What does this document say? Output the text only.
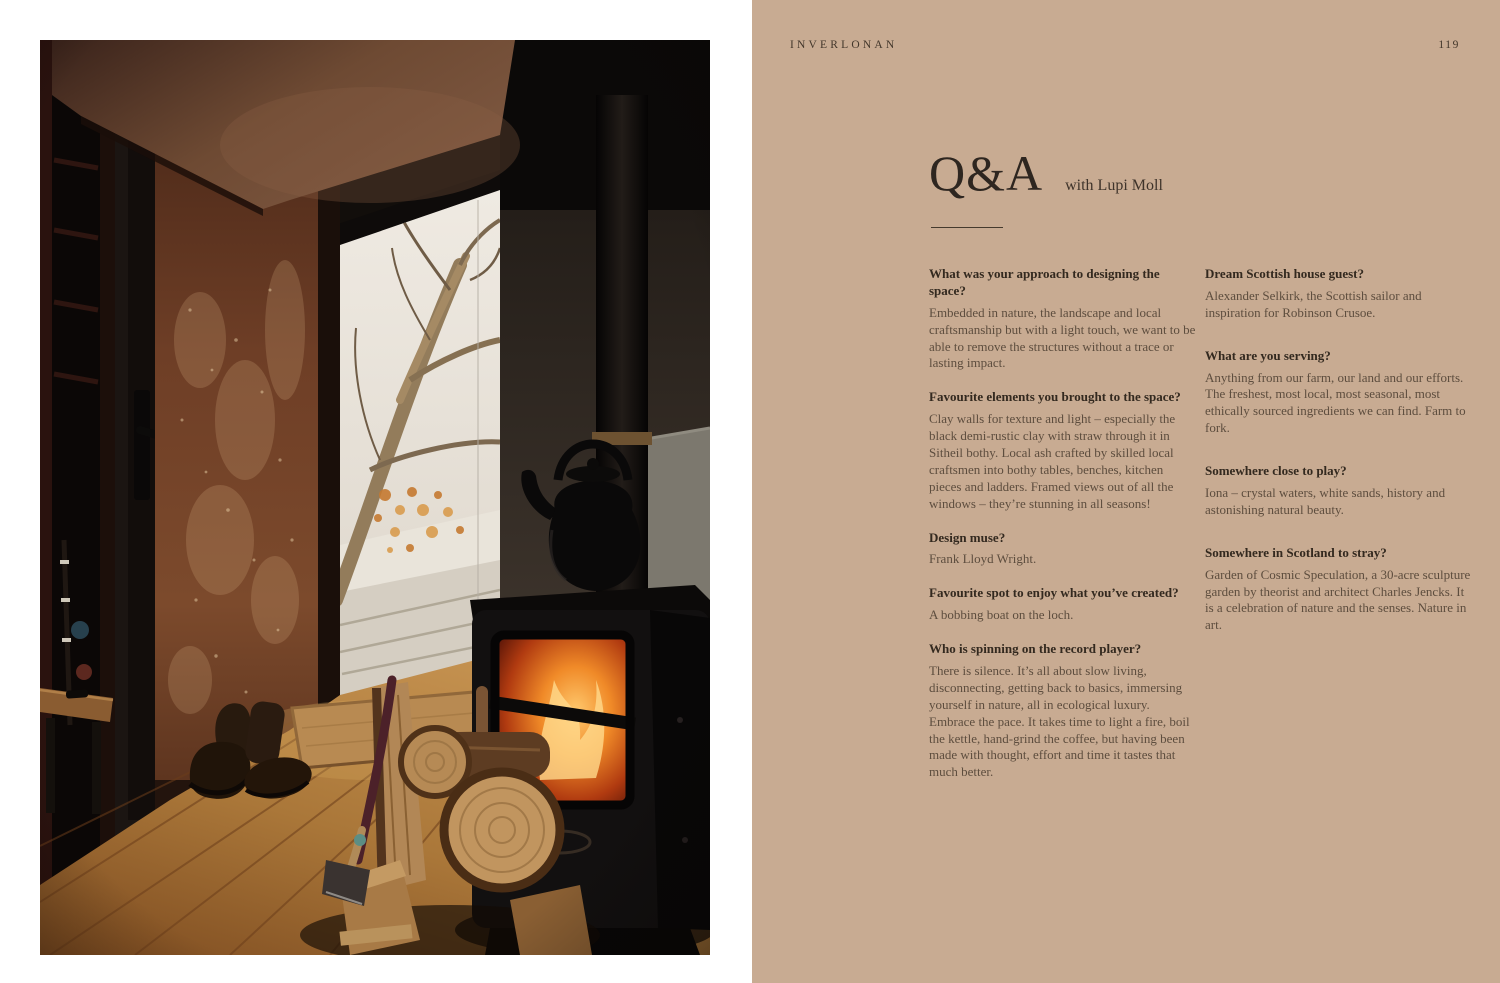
INVERLONAN	119
Q&A with Lupi Moll

What was your approach to designing the space?

Embedded in nature, the landscape and local craftsmanship but with a light touch, we want to be able to remove the structures without a trace or lasting impact.

Favourite elements you brought to the space?

Clay walls for texture and light – especially the black demi-rustic clay with straw through it in Sitheil bothy. Local ash crafted by skilled local craftsmen into bothy tables, benches, kitchen pieces and ladders. Framed views out of all the windows – they’re stunning in all seasons!

Design muse?

Frank Lloyd Wright.

Favourite spot to enjoy what you’ve created?

A bobbing boat on the loch.

Who is spinning on the record player?

There is silence. It’s all about slow living, disconnecting, getting back to basics, immersing yourself in nature, all in ecological luxury. Embrace the pace. It takes time to light a fire, boil the kettle, hand-grind the coffee, but having been made with thought, effort and time it tastes that much better.

Dream Scottish house guest?

Alexander Selkirk, the Scottish sailor and inspiration for Robinson Crusoe.

What are you serving?

Anything from our farm, our land and our efforts. The freshest, most local, most seasonal, most ethically sourced ingredients we can find. Farm to fork.

Somewhere close to play?

Iona – crystal waters, white sands, history and astonishing natural beauty.

Somewhere in Scotland to stray?

Garden of Cosmic Speculation, a 30-acre sculpture garden by theorist and architect Charles Jencks. It is a celebration of nature and the senses. Nature in art.
